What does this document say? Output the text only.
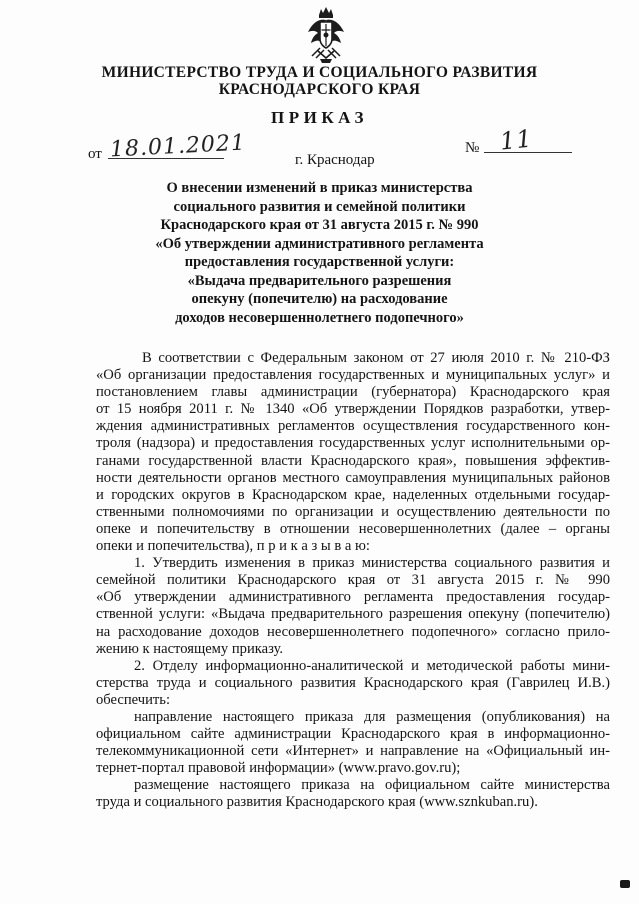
МИНИСТЕРСТВО ТРУДА И СОЦИАЛЬНОГО РАЗВИТИЯ
КРАСНОДАРСКОГО КРАЯ
ПРИКАЗ
от 18.01.2021	№ 11
г. Краснодар
О внесении изменений в приказ министерства
социального развития и семейной политики
Краснодарского края от 31 августа 2015 г. № 990
«Об утверждении административного регламента
предоставления государственной услуги:
«Выдача предварительного разрешения
опекуну (попечителю) на расходование
доходов несовершеннолетнего подопечного»
В соответствии с Федеральным законом от 27 июля 2010 г. № 210-ФЗ
«Об организации предоставления государственных и муниципальных услуг» и
постановлением главы администрации (губернатора) Краснодарского края
от 15 ноября 2011 г. № 1340 «Об утверждении Порядков разработки, утвер-
ждения административных регламентов осуществления государственного кон-
троля (надзора) и предоставления государственных услуг исполнительными ор-
ганами государственной власти Краснодарского края», повышения эффектив-
ности деятельности органов местного самоуправления муниципальных районов
и городских округов в Краснодарском крае, наделенных отдельными государ-
ственными полномочиями по организации и осуществлению деятельности по
опеке и попечительству в отношении несовершеннолетних (далее – органы
опеки и попечительства), п р и к а з ы в а ю:
1. Утвердить изменения в приказ министерства социального развития и
семейной политики Краснодарского края от 31 августа 2015 г. № 990
«Об утверждении административного регламента предоставления государ-
ственной услуги: «Выдача предварительного разрешения опекуну (попечителю)
на расходование доходов несовершеннолетнего подопечного» согласно прило-
жению к настоящему приказу.
2. Отделу информационно-аналитической и методической работы мини-
стерства труда и социального развития Краснодарского края (Гаврилец И.В.)
обеспечить:
направление настоящего приказа для размещения (опубликования) на
официальном сайте администрации Краснодарского края в информационно-
телекоммуникационной сети «Интернет» и направление на «Официальный ин-
тернет-портал правовой информации» (www.pravo.gov.ru);
размещение настоящего приказа на официальном сайте министерства
труда и социального развития Краснодарского края (www.sznkuban.ru).
